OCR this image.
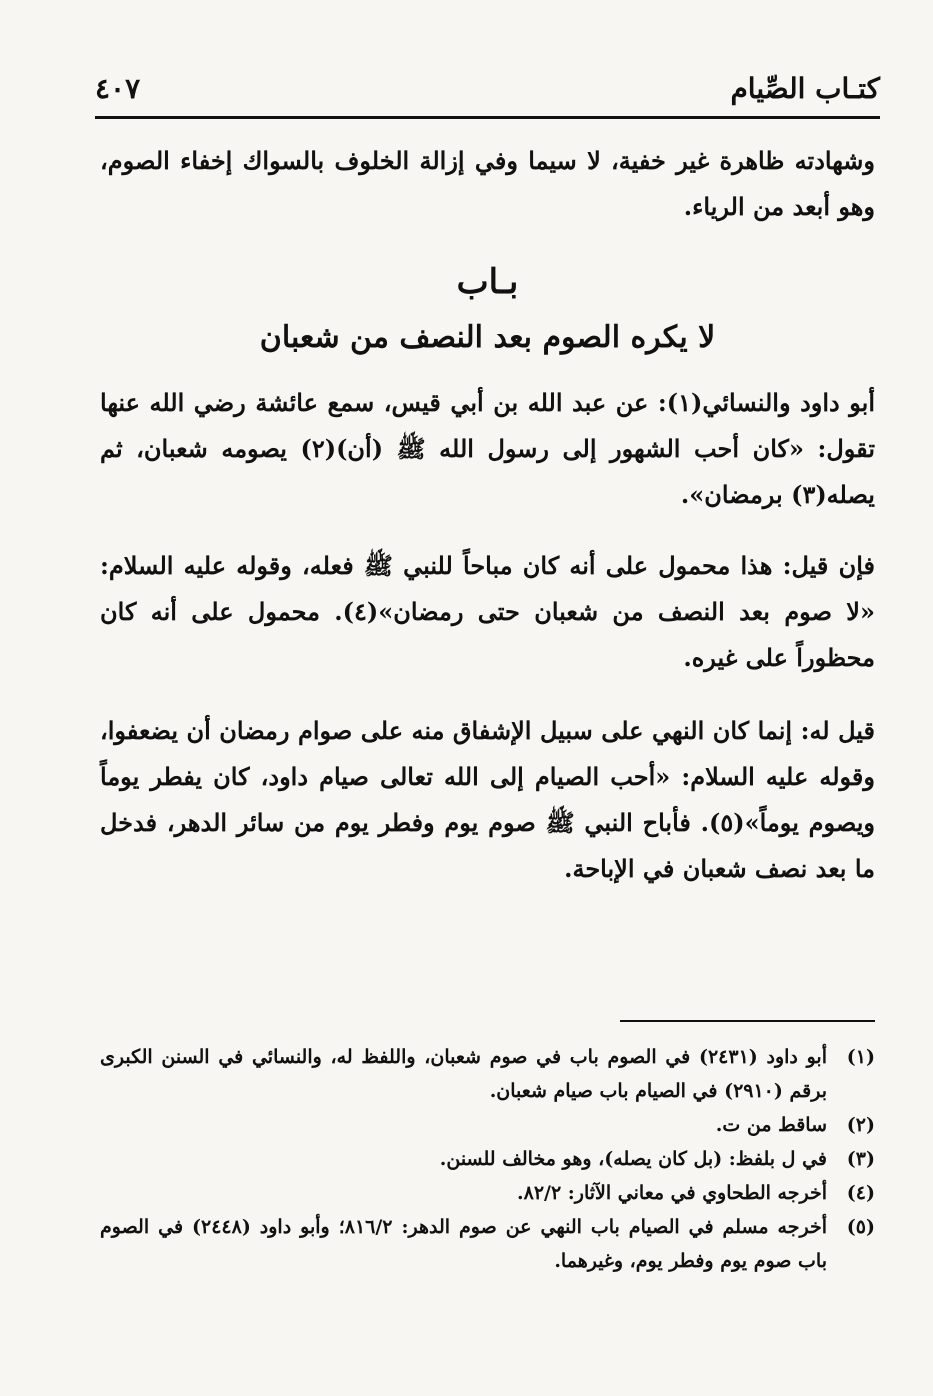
كتـاب الصِّيام
٤٠٧
وشهادته ظاهرة غير خفية، لا سيما وفي إزالة الخلوف بالسواك إخفاء الصوم، وهو أبعد من الرياء.
بـاب
لا يكره الصوم بعد النصف من شعبان
أبو داود والنسائي(١): عن عبد الله بن أبي قيس، سمع عائشة رضي الله عنها تقول: «كان أحب الشهور إلى رسول الله ﷺ (أن)(٢) يصومه شعبان، ثم يصله(٣) برمضان».
فإن قيل: هذا محمول على أنه كان مباحاً للنبي ﷺ فعله، وقوله عليه السلام: «لا صوم بعد النصف من شعبان حتى رمضان»(٤). محمول على أنه كان محظوراً على غيره.
قيل له: إنما كان النهي على سبيل الإشفاق منه على صوام رمضان أن يضعفوا، وقوله عليه السلام: «أحب الصيام إلى الله تعالى صيام داود، كان يفطر يوماً ويصوم يوماً»(٥). فأباح النبي ﷺ صوم يوم وفطر يوم من سائر الدهر، فدخل ما بعد نصف شعبان في الإباحة.
(١)
أبو داود (٢٤٣١) في الصوم باب في صوم شعبان، واللفظ له، والنسائي في السنن الكبرى برقم (٢٩١٠) في الصيام باب صيام شعبان.
(٢)
ساقط من ت.
(٣)
في ل بلفظ: (بل كان يصله)، وهو مخالف للسنن.
(٤)
أخرجه الطحاوي في معاني الآثار: ٨٢/٢.
(٥)
أخرجه مسلم في الصيام باب النهي عن صوم الدهر: ٨١٦/٢؛ وأبو داود (٢٤٤٨) في الصوم باب صوم يوم وفطر يوم، وغيرهما.
